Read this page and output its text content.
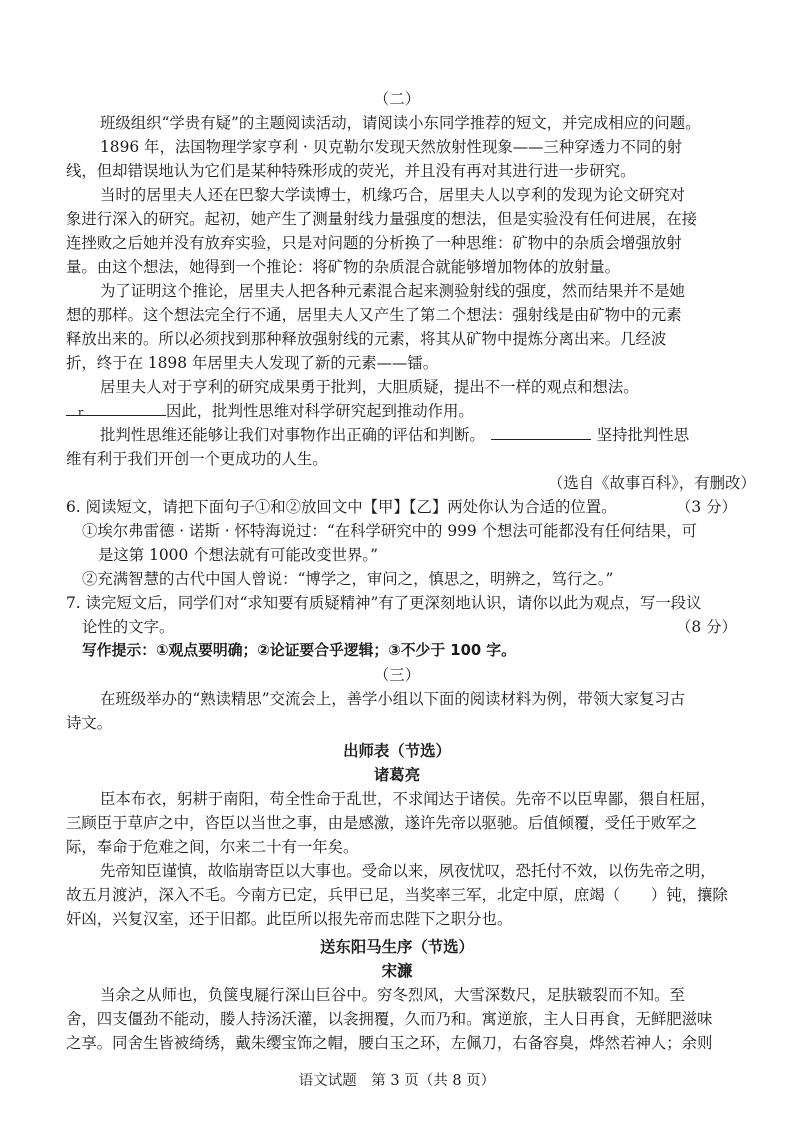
（二）
班级组织“学贵有疑”的主题阅读活动，请阅读小东同学推荐的短文，并完成相应的问题。
1896 年，法国物理学家亨利 · 贝克勒尔发现天然放射性现象——三种穿透力不同的射
线，但却错误地认为它们是某种特殊形成的荧光，并且没有再对其进行进一步研究。
当时的居里夫人还在巴黎大学读博士，机缘巧合，居里夫人以亨利的发现为论文研究对
象进行深入的研究。起初，她产生了测量射线力量强度的想法，但是实验没有任何进展，在接
连挫败之后她并没有放弃实验，只是对问题的分析换了一种思维：矿物中的杂质会增强放射
量。由这个想法，她得到一个推论：将矿物的杂质混合就能够增加物体的放射量。
为了证明这个推论，居里夫人把各种元素混合起来测验射线的强度，然而结果并不是她
想的那样。这个想法完全行不通，居里夫人又产生了第二个想法：强射线是由矿物中的元素
释放出来的。所以必须找到那种释放强射线的元素，将其从矿物中提炼分离出来。几经波
折，终于在 1898 年居里夫人发现了新的元素——镭。
居里夫人对于亨利的研究成果勇于批判，大胆质疑，提出不一样的观点和想法。
r	因此，批判性思维对科学研究起到推动作用。
批判性思维还能够让我们对事物作出正确的评估和判断。	坚持批判性思
维有利于我们开创一个更成功的人生。
（选自《故事百科》，有删改）
6. 阅读短文，请把下面句子①和②放回文中【甲】【乙】两处你认为合适的位置。	（3 分）
①埃尔弗雷德 · 诺斯 · 怀特海说过：“在科学研究中的 999 个想法可能都没有任何结果，可
是这第 1000 个想法就有可能改变世界。”
②充满智慧的古代中国人曾说：“博学之，审问之，慎思之，明辨之，笃行之。”
7. 读完短文后，同学们对“求知要有质疑精神”有了更深刻地认识，请你以此为观点，写一段议
论性的文字。	（8 分）
写作提示：①观点要明确；②论证要合乎逻辑；③不少于 100 字。
（三）
在班级举办的“熟读精思”交流会上，善学小组以下面的阅读材料为例，带领大家复习古
诗文。
出师表（节选）
诸葛亮
臣本布衣，躬耕于南阳，苟全性命于乱世，不求闻达于诸侯。先帝不以臣卑鄙，猥自枉屈，
三顾臣于草庐之中，咨臣以当世之事，由是感激，遂许先帝以驱驰。后值倾覆，受任于败军之
际，奉命于危难之间，尔来二十有一年矣。
先帝知臣谨慎，故临崩寄臣以大事也。受命以来，夙夜忧叹，恐托付不效，以伤先帝之明，
故五月渡泸，深入不毛。今南方已定，兵甲已足，当奖率三军，北定中原，庶竭（　　）钝，攘除
奸凶，兴复汉室，还于旧都。此臣所以报先帝而忠陛下之职分也。
送东阳马生序（节选）
宋濂
当余之从师也，负箧曳屣行深山巨谷中。穷冬烈风，大雪深数尺，足肤皲裂而不知。至
舍，四支僵劲不能动，媵人持汤沃灌，以衾拥覆，久而乃和。寓逆旅，主人日再食，无鲜肥滋味
之享。同舍生皆被绮绣，戴朱缨宝饰之帽，腰白玉之环，左佩刀，右备容臭，烨然若神人；余则
语文试题　第 3 页（共 8 页）
